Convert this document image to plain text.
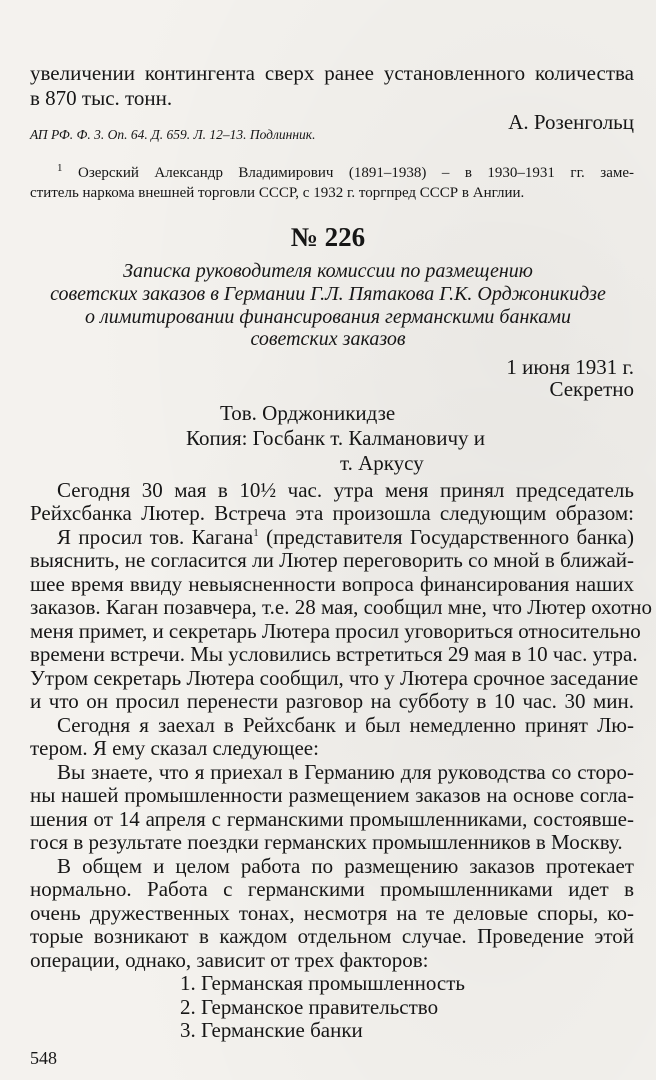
увеличении контингента сверх ранее установленного количества
в 870 тыс. тонн.
А. Розенгольц
АП РФ. Ф. 3. Оп. 64. Д. 659. Л. 12–13. Подлинник.
$^1$ Озерский Александр Владимирович (1891–1938) – в 1930–1931 гг. заме-
ститель наркома внешней торговли СССР, с 1932 г. торгпред СССР в Англии.
№ 226
Записка руководителя комиссии по размещению
советских заказов в Германии Г.Л. Пятакова Г.К. Орджоникидзе
о лимитировании финансирования германскими банками
советских заказов
1 июня 1931 г.
Секретно
Тов. Орджоникидзе
Копия: Госбанк т. Калмановичу и
т. Аркусу
Сегодня 30 мая в 10½ час. утра меня принял председатель
Рейхсбанка Лютер. Встреча эта произошла следующим образом:
Я просил тов. Кагана$^1$ (представителя Государственного банка)
выяснить, не согласится ли Лютер переговорить со мной в ближай-
шее время ввиду невыясненности вопроса финансирования наших
заказов. Каган позавчера, т.е. 28 мая, сообщил мне, что Лютер охотно
меня примет, и секретарь Лютера просил уговориться относительно
времени встречи. Мы условились встретиться 29 мая в 10 час. утра.
Утром секретарь Лютера сообщил, что у Лютера срочное заседание
и что он просил перенести разговор на субботу в 10 час. 30 мин.
Сегодня я заехал в Рейхсбанк и был немедленно принят Лю-
тером. Я ему сказал следующее:
Вы знаете, что я приехал в Германию для руководства со сторо-
ны нашей промышленности размещением заказов на основе согла-
шения от 14 апреля с германскими промышленниками, состоявше-
гося в результате поездки германских промышленников в Москву.
В общем и целом работа по размещению заказов протекает
нормально. Работа с германскими промышленниками идет в
очень дружественных тонах, несмотря на те деловые споры, ко-
торые возникают в каждом отдельном случае. Проведение этой
операции, однако, зависит от трех факторов:
1. Германская промышленность
2. Германское правительство
3. Германские банки
548
